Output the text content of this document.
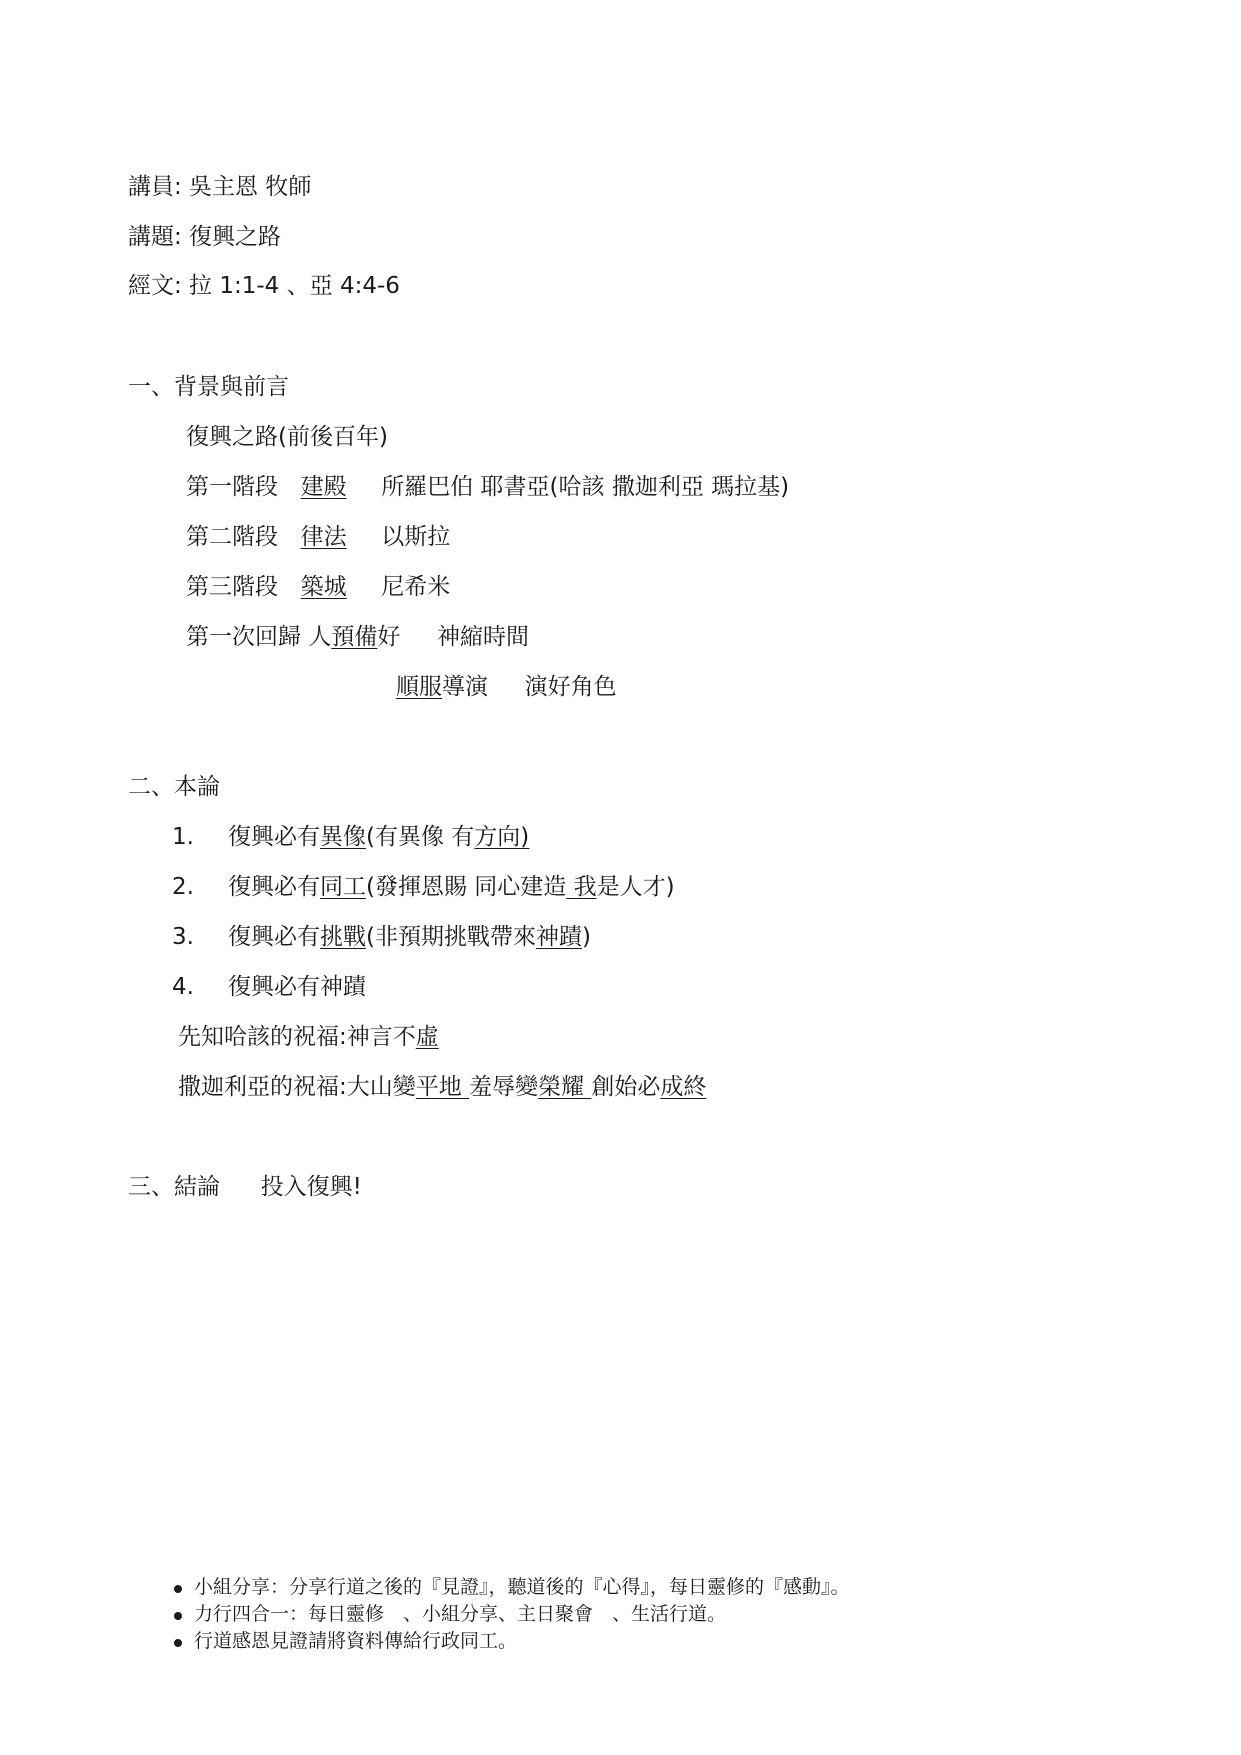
講員: 吳主恩 牧師
講題: 復興之路
經文: 拉 1:1-4 、亞 4:4-6
一、背景與前言
復興之路(前後百年)
第一階段 建殿 所羅巴伯 耶書亞(哈該 撒迦利亞 瑪拉基)
第二階段 律法 以斯拉
第三階段 築城 尼希米
第一次回歸 人預備好 神縮時間
順服導演 演好角色
二、本論
1. 復興必有異像(有異像 有方向)
2. 復興必有同工(發揮恩賜 同心建造 我是人才)
3. 復興必有挑戰(非預期挑戰帶來神蹟)
4. 復興必有神蹟
先知哈該的祝福:神言不虛
撒迦利亞的祝福:大山變平地 羞辱變榮耀 創始必成終
三、結論 投入復興!
小組分享：分享行道之後的『見證』，聽道後的『心得』，每日靈修的『感動』。
力行四合一：每日靈修　、小組分享、主日聚會　、生活行道。
行道感恩見證請將資料傳給行政同工。
